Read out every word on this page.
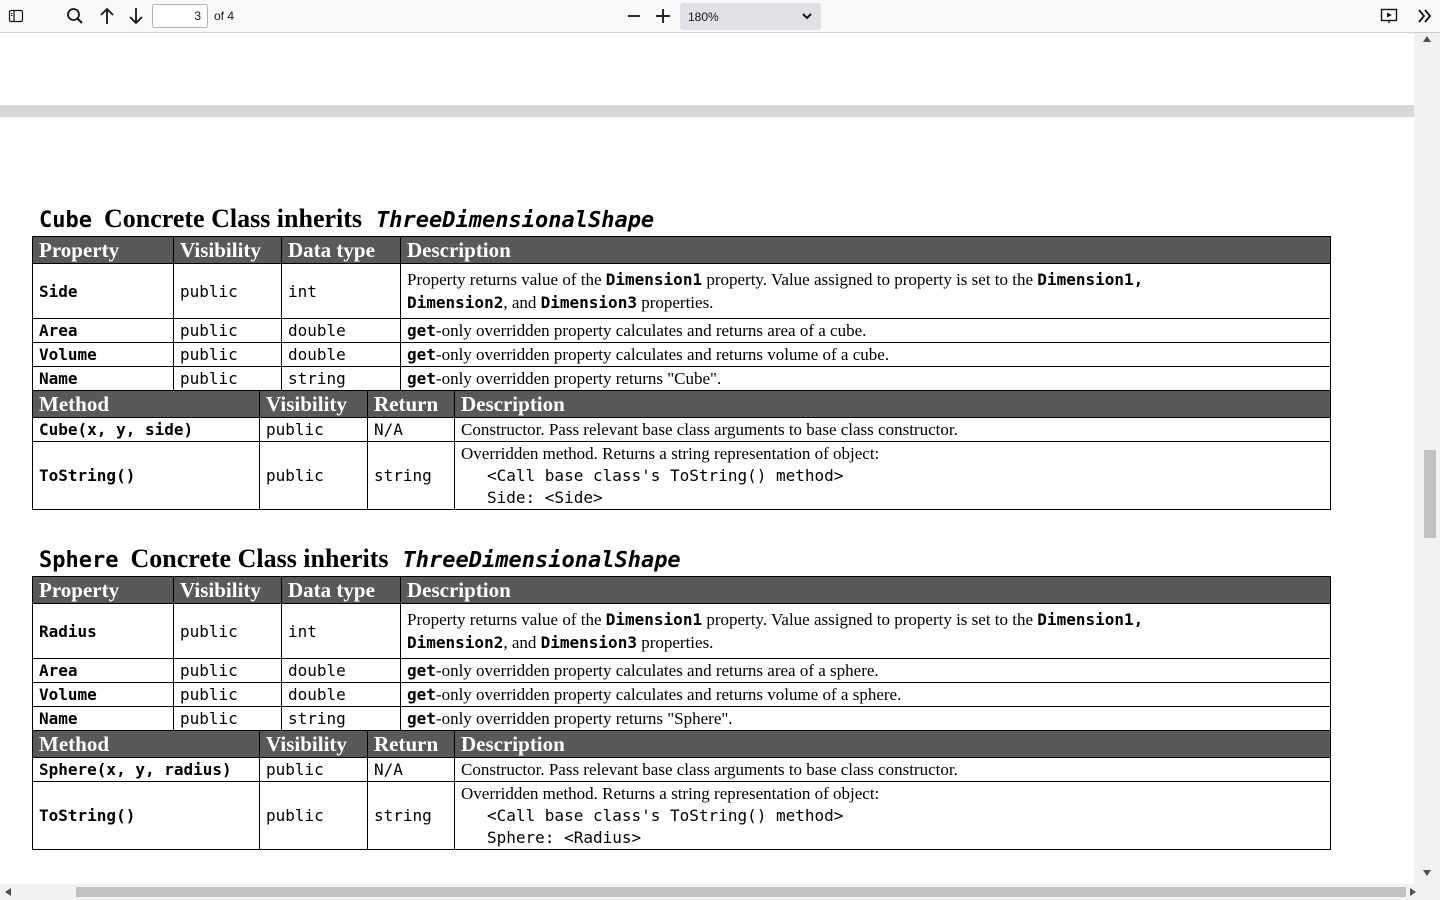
3
of 4	180%
Cube Concrete Class inherits ThreeDimensionalShape
Property	Visibility	Data type	Description
Side	public	int	Property returns value of the Dimension1 property. Value assigned to property is set to the Dimension1,
Dimension2, and Dimension3 properties.
Area	public	double	get-only overridden property calculates and returns area of a cube.
Volume	public	double	get-only overridden property calculates and returns volume of a cube.
Name	public	string	get-only overridden property returns "Cube".
Method	Visibility	Return	Description
Cube(x, y, side)	public	N/A	Constructor. Pass relevant base class arguments to base class constructor.
ToString()	public	string	Overridden method. Returns a string representation of object:
<Call base class's ToString() method>
Side: <Side>
Sphere Concrete Class inherits ThreeDimensionalShape
Property	Visibility	Data type	Description
Radius	public	int	Property returns value of the Dimension1 property. Value assigned to property is set to the Dimension1,
Dimension2, and Dimension3 properties.
Area	public	double	get-only overridden property calculates and returns area of a sphere.
Volume	public	double	get-only overridden property calculates and returns volume of a sphere.
Name	public	string	get-only overridden property returns "Sphere".
Method	Visibility	Return	Description
Sphere(x, y, radius)	public	N/A	Constructor. Pass relevant base class arguments to base class constructor.
ToString()	public	string	Overridden method. Returns a string representation of object:
<Call base class's ToString() method>
Sphere: <Radius>
